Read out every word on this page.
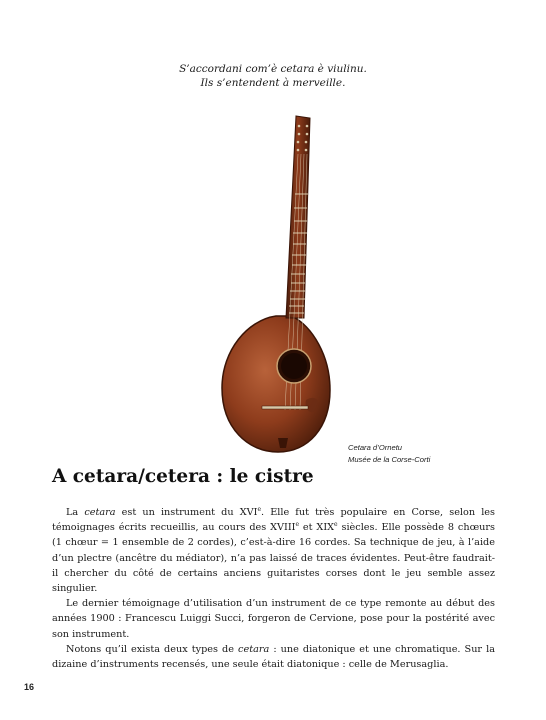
S’accordani com’è cetara è viulinu.
Ils s’entendent à merveille.
Cetara d’Ornetu
Musée de la Corse-Corti
A cetara/cetera : le cistre

La cetara est un instrument du XVIe. Elle fut très populaire en Corse, selon les témoignages écrits recueillis, au cours des XVIIIe et XIXe siècles. Elle possède 8 chœurs (1 chœur = 1 ensemble de 2 cordes), c’est-à-dire 16 cordes. Sa technique de jeu, à l’aide d’un plectre (ancêtre du médiator), n’a pas laissé de traces évidentes. Peut-être faudrait-il chercher du côté de certains anciens guitaristes corses dont le jeu semble assez singulier.

Le dernier témoignage d’utilisation d’un instrument de ce type remonte au début des années 1900 : Francescu Luiggi Succi, forgeron de Cervione, pose pour la postérité avec son instrument.

Notons qu’il exista deux types de cetara : une diatonique et une chromatique. Sur la dizaine d’instruments recensés, une seule était diatonique : celle de Merusaglia.

16
